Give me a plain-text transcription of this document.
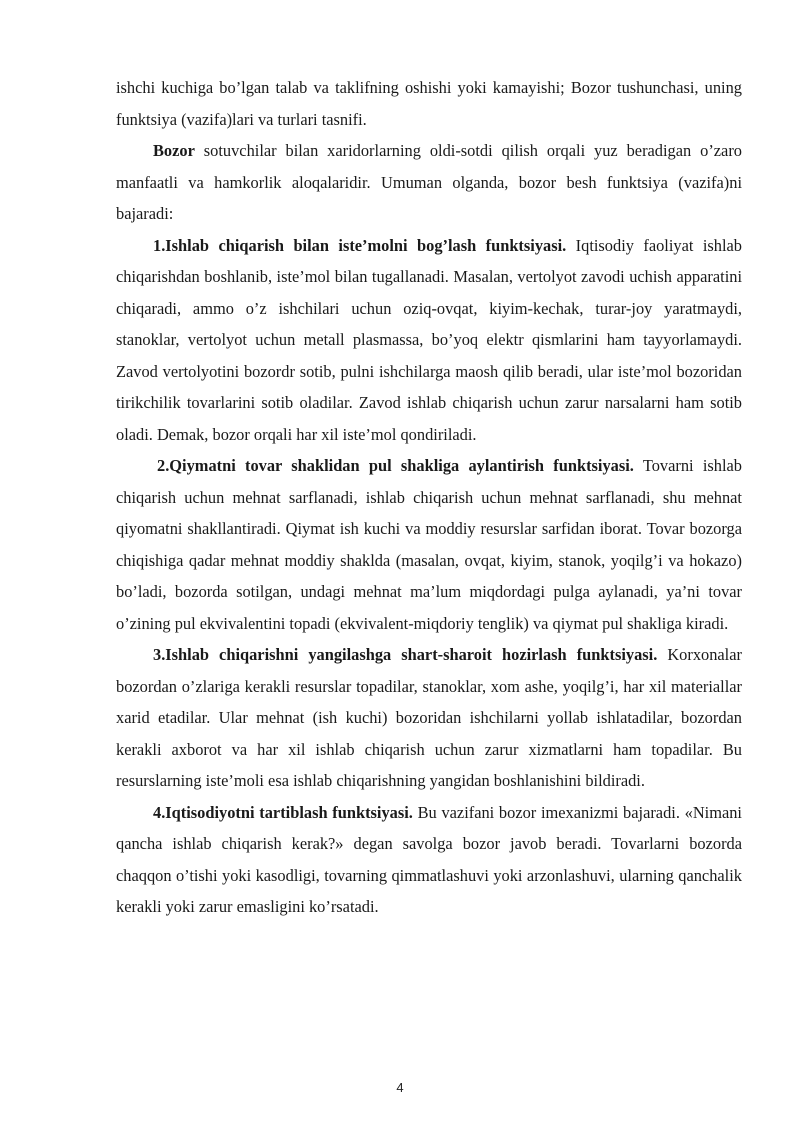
ishchi kuchiga bo’lgan talab va taklifning oshishi yoki kamayishi; Bozor tushunchasi, uning funktsiya (vazifa)lari va turlari tasnifi.

Bozor sotuvchilar bilan xaridorlarning oldi-sotdi qilish orqali yuz beradigan o’zaro manfaatli va hamkorlik aloqalaridir. Umuman olganda, bozor besh funktsiya (vazifa)ni bajaradi:

1.Ishlab chiqarish bilan iste’molni bog’lash funktsiyasi. Iqtisodiy faoliyat ishlab chiqarishdan boshlanib, iste’mol bilan tugallanadi. Masalan, vertolyot zavodi uchish apparatini chiqaradi, ammo o’z ishchilari uchun oziq-ovqat, kiyim-kechak, turar-joy yaratmaydi, stanoklar, vertolyot uchun metall plasmassa, bo’yoq elektr qismlarini ham tayyorlamaydi. Zavod vertolyotini bozordr sotib, pulni ishchilarga maosh qilib beradi, ular iste’mol bozoridan tirikchilik tovarlarini sotib oladilar. Zavod ishlab chiqarish uchun zarur narsalarni ham sotib oladi. Demak, bozor orqali har xil iste’mol qondiriladi.

2.Qiymatni tovar shaklidan pul shakliga aylantirish funktsiyasi. Tovarni ishlab chiqarish uchun mehnat sarflanadi, ishlab chiqarish uchun mehnat sarflanadi, shu mehnat qiyomatni shakllantiradi. Qiymat ish kuchi va moddiy resurslar sarfidan iborat. Tovar bozorga chiqishiga qadar mehnat moddiy shaklda (masalan, ovqat, kiyim, stanok, yoqilg’i va hokazo) bo’ladi, bozorda sotilgan, undagi mehnat ma’lum miqdordagi pulga aylanadi, ya’ni tovar o’zining pul ekvivalentini topadi (ekvivalent-miqdoriy tenglik) va qiymat pul shakliga kiradi.

3.Ishlab chiqarishni yangilashga shart-sharoit hozirlash funktsiyasi. Korxonalar bozordan o’zlariga kerakli resurslar topadilar, stanoklar, xom ashe, yoqilg’i, har xil materiallar xarid etadilar. Ular mehnat (ish kuchi) bozoridan ishchilarni yollab ishlatadilar, bozordan kerakli axborot va har xil ishlab chiqarish uchun zarur xizmatlarni ham topadilar. Bu resurslarning iste’moli esa ishlab chiqarishning yangidan boshlanishini bildiradi.

4.Iqtisodiyotni tartiblash funktsiyasi. Bu vazifani bozor imexanizmi bajaradi. «Nimani qancha ishlab chiqarish kerak?» degan savolga bozor javob beradi. Tovarlarni bozorda chaqqon o’tishi yoki kasodligi, tovarning qimmatlashuvi yoki arzonlashuvi, ularning qanchalik kerakli yoki zarur emasligini ko’rsatadi.

4
